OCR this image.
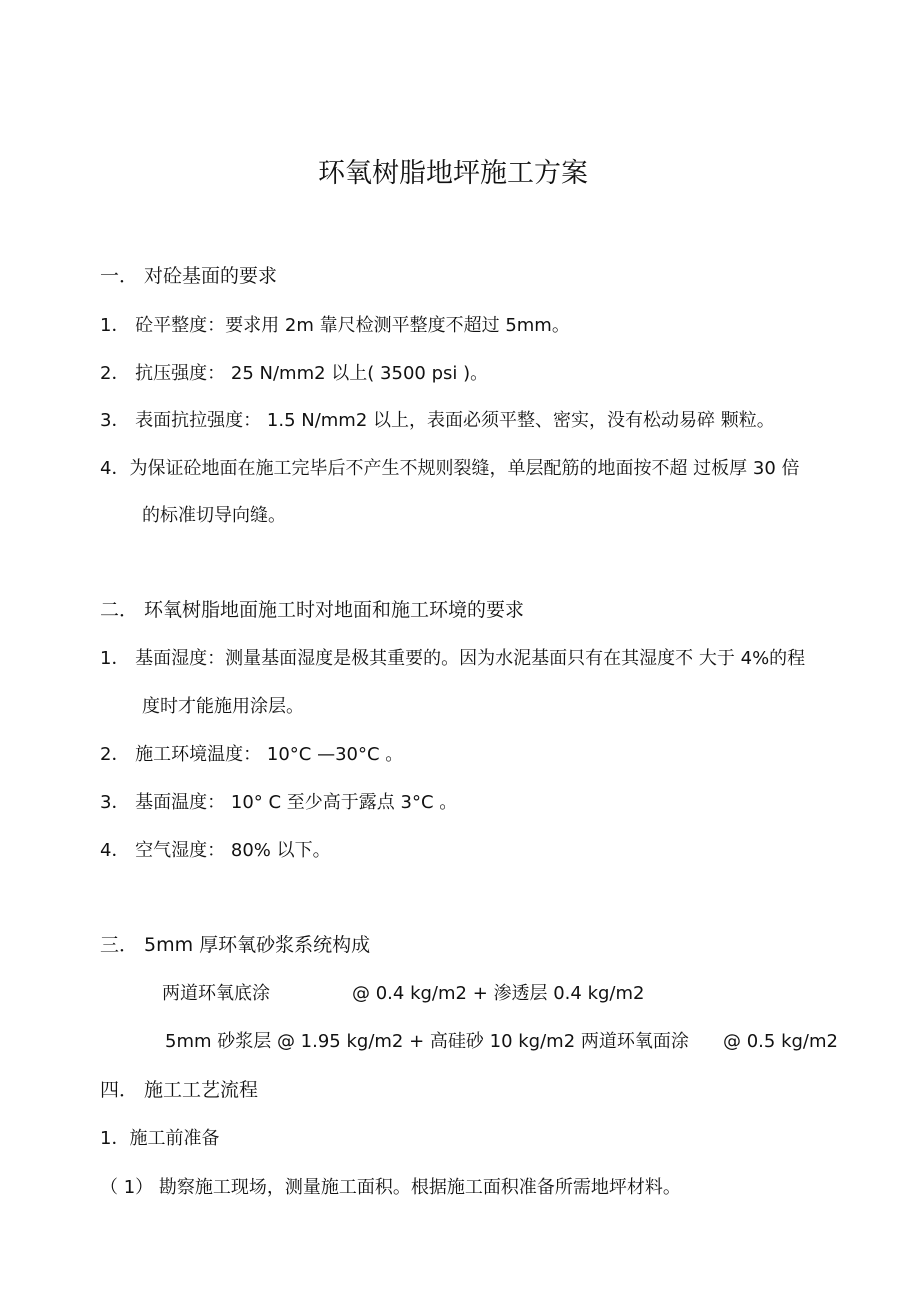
环氧树脂地坪施工方案
一． 对砼基面的要求
1． 砼平整度：要求用 2m 靠尺检测平整度不超过 5mm。
2． 抗压强度： 25 N/mm2 以上( 3500 psi )。
3． 表面抗拉强度： 1.5 N/mm2 以上，表面必须平整、密实，没有松动易碎 颗粒。
4．为保证砼地面在施工完毕后不产生不规则裂缝，单层配筋的地面按不超 过板厚 30 倍
的标准切导向缝。
二． 环氧树脂地面施工时对地面和施工环境的要求
1． 基面湿度：测量基面湿度是极其重要的。因为水泥基面只有在其湿度不 大于 4%的程
度时才能施用涂层。
2． 施工环境温度： 10°C —30°C 。
3． 基面温度： 10° C 至少高于露点 3°C 。
4． 空气湿度： 80% 以下。
三． 5mm 厚环氧砂浆系统构成
两道环氧底涂	@ 0.4 kg/m2 + 渗透层 0.4 kg/m2
5mm 砂浆层 @ 1.95 kg/m2 + 高硅砂 10 kg/m2 两道环氧面涂 @ 0.5 kg/m2
四． 施工工艺流程
1．施工前准备
（ 1） 勘察施工现场，测量施工面积。根据施工面积准备所需地坪材料。
